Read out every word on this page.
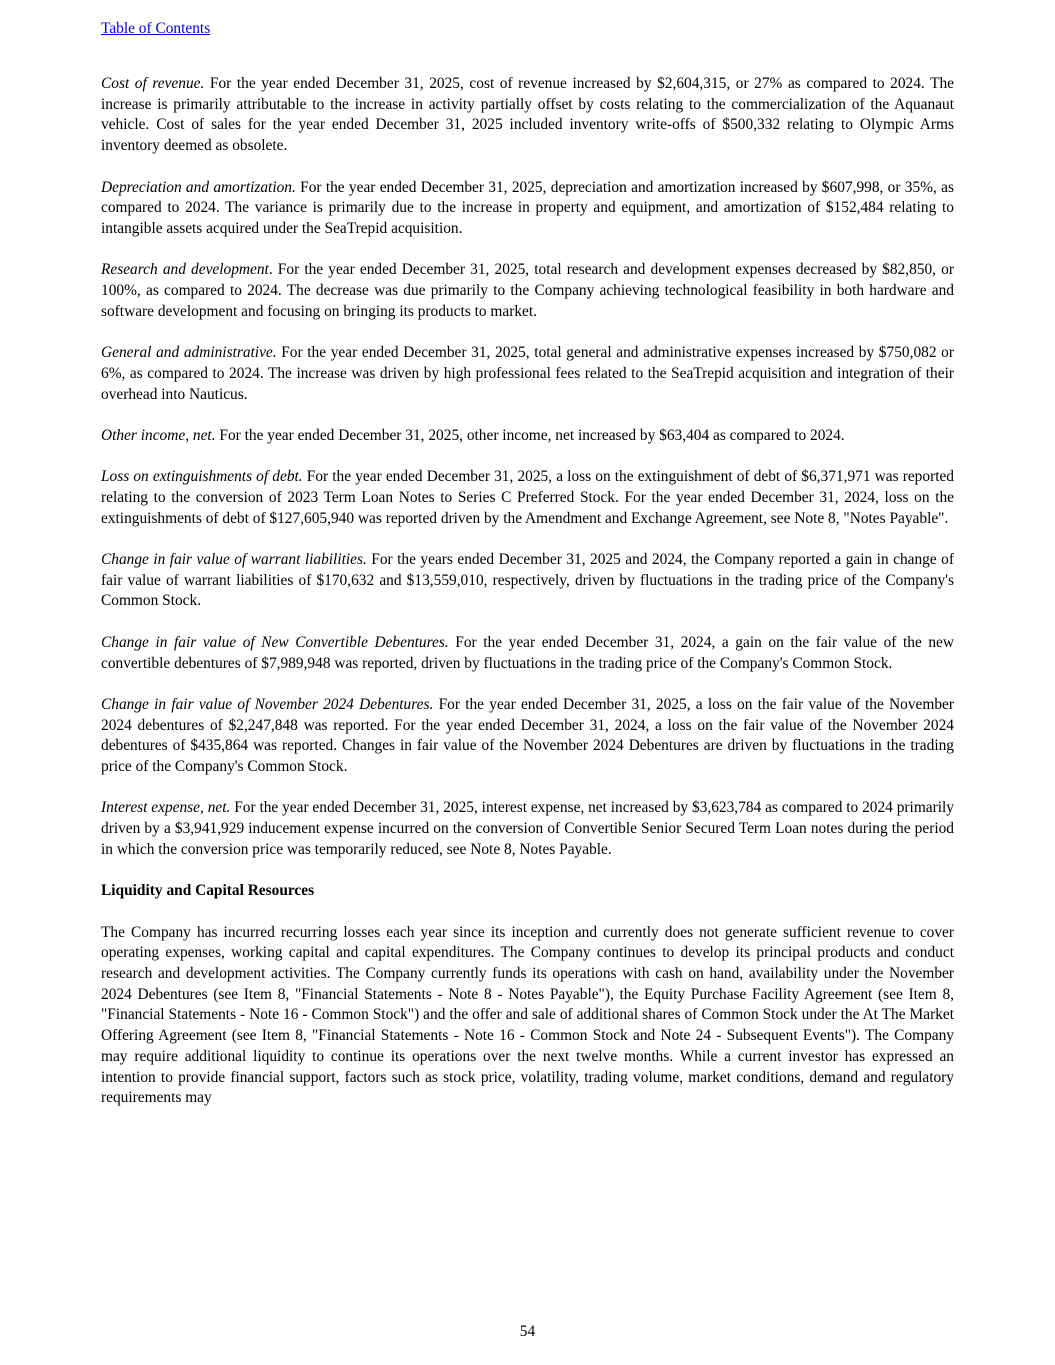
Table of Contents

Cost of revenue. For the year ended December 31, 2025, cost of revenue increased by $2,604,315, or 27% as compared to 2024. The increase is primarily attributable to the increase in activity partially offset by costs relating to the commercialization of the Aquanaut vehicle. Cost of sales for the year ended December 31, 2025 included inventory write-offs of $500,332 relating to Olympic Arms inventory deemed as obsolete.

Depreciation and amortization. For the year ended December 31, 2025, depreciation and amortization increased by $607,998, or 35%, as compared to 2024. The variance is primarily due to the increase in property and equipment, and amortization of $152,484 relating to intangible assets acquired under the SeaTrepid acquisition.

Research and development. For the year ended December 31, 2025, total research and development expenses decreased by $82,850, or 100%, as compared to 2024. The decrease was due primarily to the Company achieving technological feasibility in both hardware and software development and focusing on bringing its products to market.

General and administrative. For the year ended December 31, 2025, total general and administrative expenses increased by $750,082 or 6%, as compared to 2024. The increase was driven by high professional fees related to the SeaTrepid acquisition and integration of their overhead into Nauticus.

Other income, net. For the year ended December 31, 2025, other income, net increased by $63,404 as compared to 2024.

Loss on extinguishments of debt. For the year ended December 31, 2025, a loss on the extinguishment of debt of $6,371,971 was reported relating to the conversion of 2023 Term Loan Notes to Series C Preferred Stock. For the year ended December 31, 2024, loss on the extinguishments of debt of $127,605,940 was reported driven by the Amendment and Exchange Agreement, see Note 8, "Notes Payable".

Change in fair value of warrant liabilities. For the years ended December 31, 2025 and 2024, the Company reported a gain in change of fair value of warrant liabilities of $170,632 and $13,559,010, respectively, driven by fluctuations in the trading price of the Company's Common Stock.

Change in fair value of New Convertible Debentures. For the year ended December 31, 2024, a gain on the fair value of the new convertible debentures of $7,989,948 was reported, driven by fluctuations in the trading price of the Company's Common Stock.

Change in fair value of November 2024 Debentures. For the year ended December 31, 2025, a loss on the fair value of the November 2024 debentures of $2,247,848 was reported. For the year ended December 31, 2024, a loss on the fair value of the November 2024 debentures of $435,864 was reported. Changes in fair value of the November 2024 Debentures are driven by fluctuations in the trading price of the Company's Common Stock.

Interest expense, net. For the year ended December 31, 2025, interest expense, net increased by $3,623,784 as compared to 2024 primarily driven by a $3,941,929 inducement expense incurred on the conversion of Convertible Senior Secured Term Loan notes during the period in which the conversion price was temporarily reduced, see Note 8, Notes Payable.

Liquidity and Capital Resources

The Company has incurred recurring losses each year since its inception and currently does not generate sufficient revenue to cover operating expenses, working capital and capital expenditures. The Company continues to develop its principal products and conduct research and development activities. The Company currently funds its operations with cash on hand, availability under the November 2024 Debentures (see Item 8, "Financial Statements - Note 8 - Notes Payable"), the Equity Purchase Facility Agreement (see Item 8, "Financial Statements - Note 16 - Common Stock") and the offer and sale of additional shares of Common Stock under the At The Market Offering Agreement (see Item 8, "Financial Statements - Note 16 - Common Stock and Note 24 - Subsequent Events"). The Company may require additional liquidity to continue its operations over the next twelve months. While a current investor has expressed an intention to provide financial support, factors such as stock price, volatility, trading volume, market conditions, demand and regulatory requirements may

54
